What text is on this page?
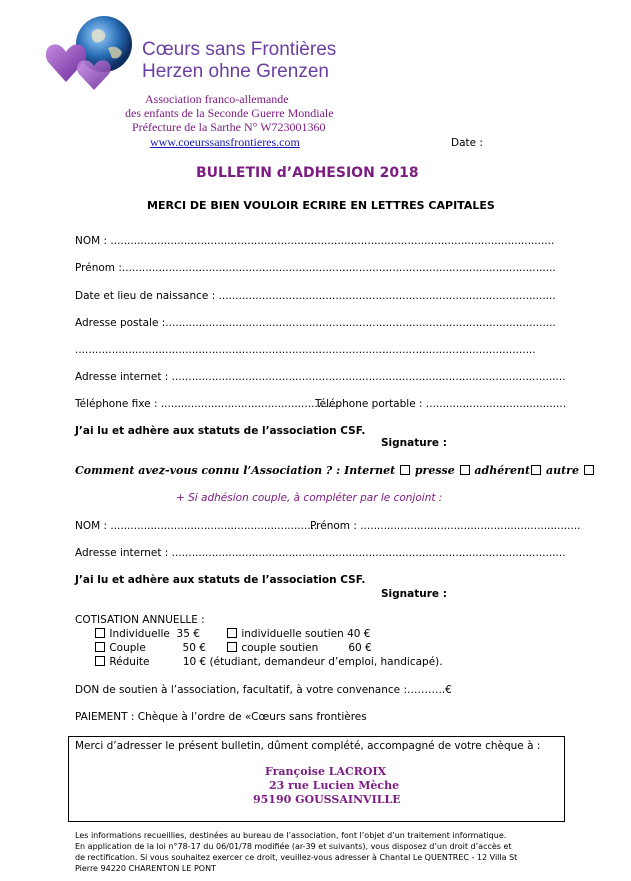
Cœurs sans Frontières
Herzen ohne Grenzen
Association franco-allemande
des enfants de la Seconde Guerre Mondiale
Préfecture de la Sarthe N° W723001360
www.coeurssansfrontieres.com	Date :
BULLETIN d’ADHESION 2018
MERCI DE BIEN VOULOIR ECRIRE EN LETTRES CAPITALES
NOM : .....................................................................................................................................
Prénom :..................................................................................................................................
Date et lieu de naissance : .....................................................................................................
Adresse postale :.....................................................................................................................
..........................................................................................................................................
Adresse internet : ......................................................................................................................
Téléphone fixe : ......................................................
Téléphone portable : ..........................................
J’ai lu et adhère aux statuts de l’association CSF.
Signature :
Comment avez-vous connu l’Association ? : Internet presse adhérent autre
+ Si adhésion couple, à compléter par le conjoint :
NOM : ..............................................................
Prénom : ..................................................................
Adresse internet : ......................................................................................................................
J’ai lu et adhère aux statuts de l’association CSF.
Signature :
COTISATION ANNUELLE :
Individuelle  35 €	individuelle soutien 40 €
Couple           50 €	couple soutien         60 €
Réduite          10 € (étudiant, demandeur d’emploi, handicapé).
DON de soutien à l’association, facultatif, à votre convenance :………..€
PAIEMENT : Chèque à l’ordre de «Cœurs sans frontières
Merci d’adresser le présent bulletin, dûment complété, accompagné de votre chèque à :
Françoise LACROIX
23 rue Lucien Mèche
95190 GOUSSAINVILLE
Les informations recueillies, destinées au bureau de l’association, font l’objet d’un traitement informatique.
En application de la loi n°78-17 du 06/01/78 modifiée (ar-39 et suivants), vous disposez d’un droit d’accès et
de rectification. Si vous souhaitez exercer ce droit, veuillez-vous adresser à Chantal Le QUENTREC - 12 Villa St
Pierre 94220 CHARENTON LE PONT
